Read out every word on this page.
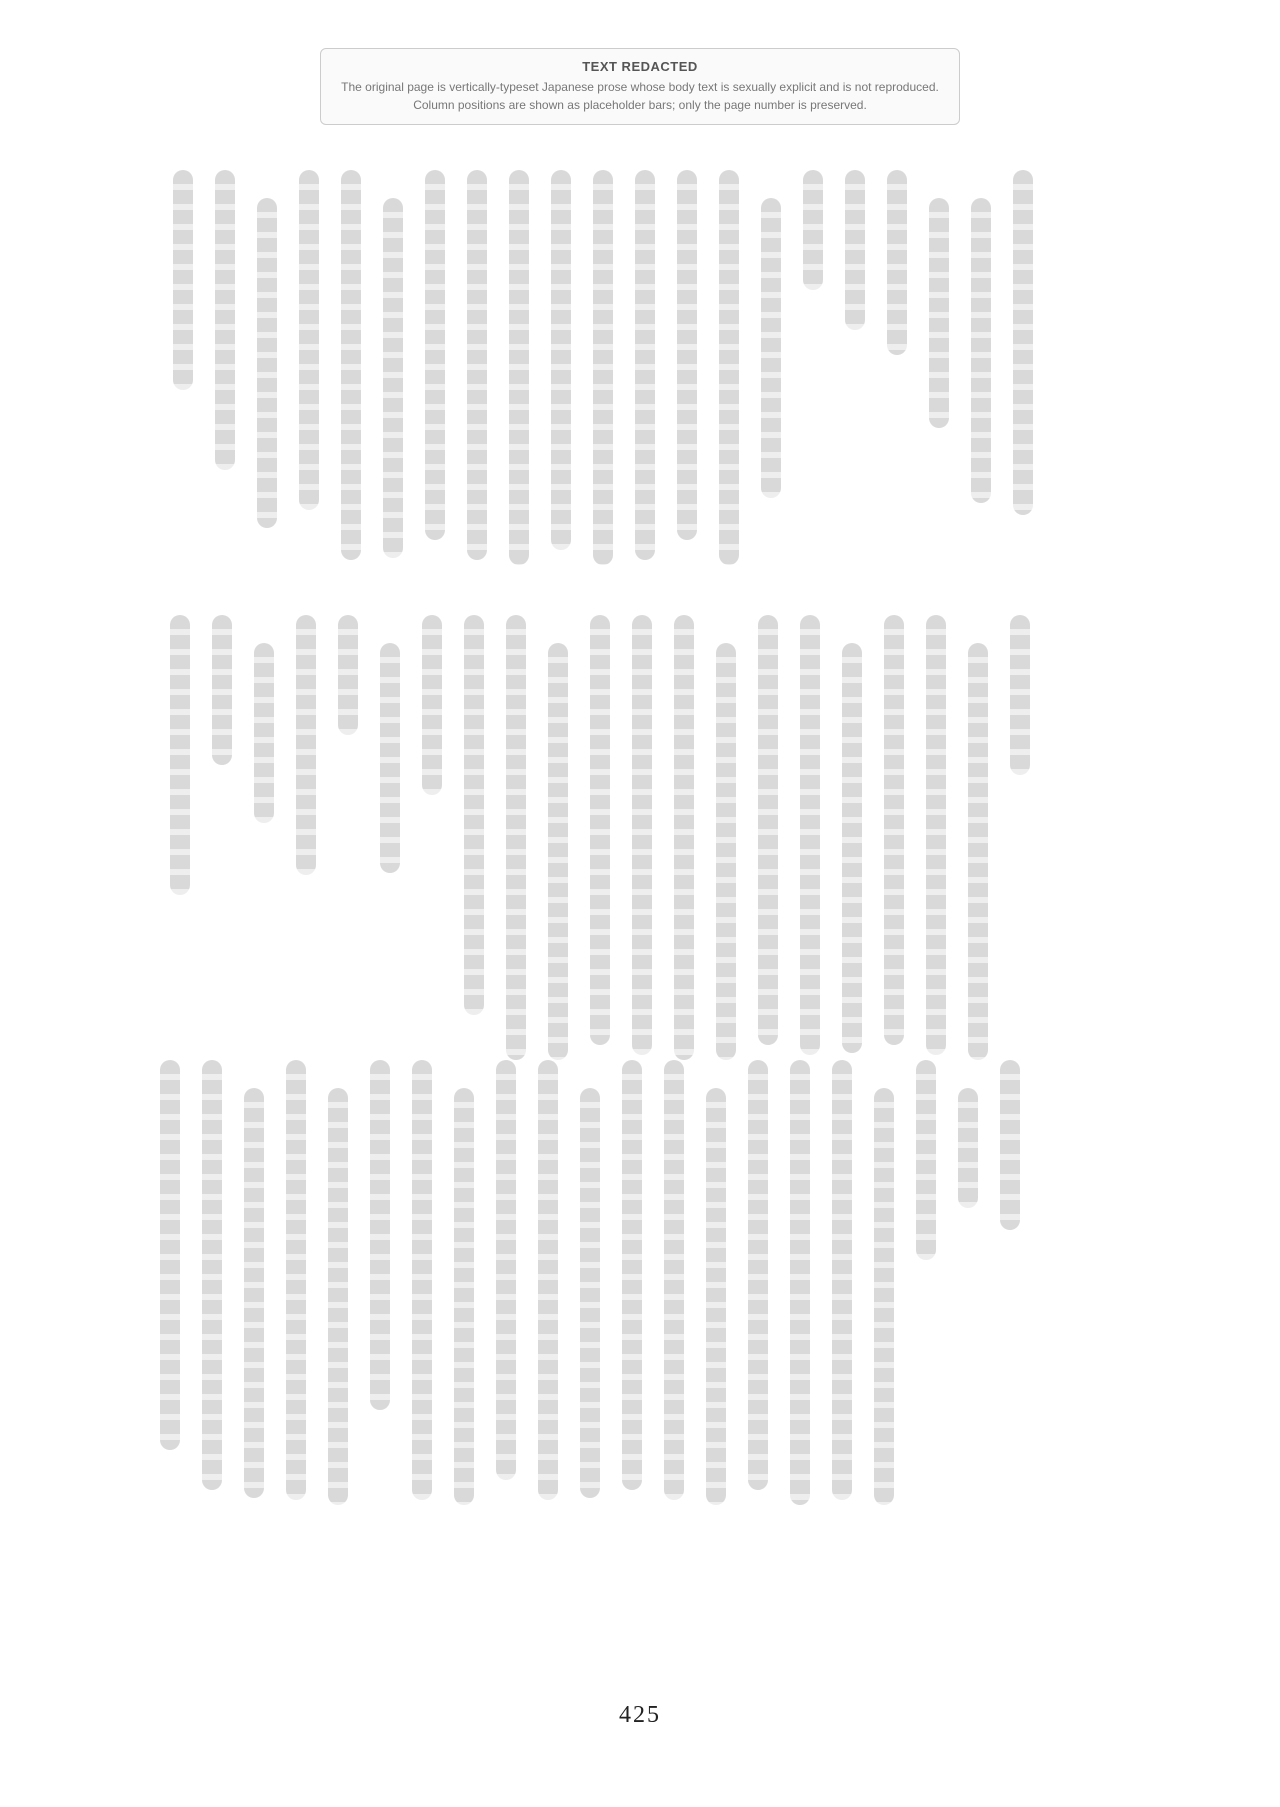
TEXT REDACTED
The original page is vertically-typeset Japanese prose whose body text is sexually explicit and is not reproduced. Column positions are shown as placeholder bars; only the page number is preserved.
425
